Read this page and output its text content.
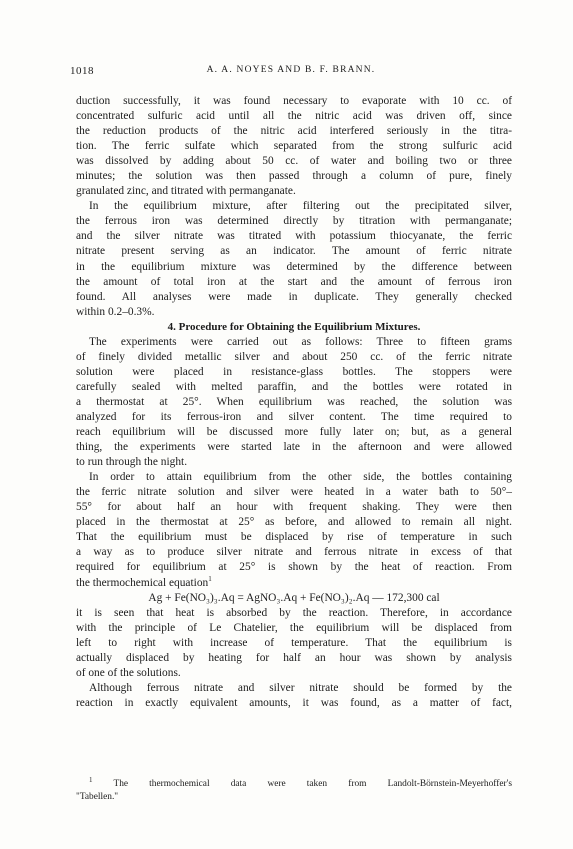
1018	A. A. NOYES AND B. F. BRANN.
duction successfully, it was found necessary to evaporate with 10 cc. of
concentrated sulfuric acid until all the nitric acid was driven off, since
the reduction products of the nitric acid interfered seriously in the titra-
tion. The ferric sulfate which separated from the strong sulfuric acid
was dissolved by adding about 50 cc. of water and boiling two or three
minutes; the solution was then passed through a column of pure, finely
granulated zinc, and titrated with permanganate.
In the equilibrium mixture, after filtering out the precipitated silver,
the ferrous iron was determined directly by titration with permanganate;
and the silver nitrate was titrated with potassium thiocyanate, the ferric
nitrate present serving as an indicator. The amount of ferric nitrate
in the equilibrium mixture was determined by the difference between
the amount of total iron at the start and the amount of ferrous iron
found. All analyses were made in duplicate. They generally checked
within 0.2–0.3%.
4. Procedure for Obtaining the Equilibrium Mixtures.
The experiments were carried out as follows: Three to fifteen grams
of finely divided metallic silver and about 250 cc. of the ferric nitrate
solution were placed in resistance-glass bottles. The stoppers were
carefully sealed with melted paraffin, and the bottles were rotated in
a thermostat at 25°. When equilibrium was reached, the solution was
analyzed for its ferrous-iron and silver content. The time required to
reach equilibrium will be discussed more fully later on; but, as a general
thing, the experiments were started late in the afternoon and were allowed
to run through the night.
In order to attain equilibrium from the other side, the bottles containing
the ferric nitrate solution and silver were heated in a water bath to 50°–
55° for about half an hour with frequent shaking. They were then
placed in the thermostat at 25° as before, and allowed to remain all night.
That the equilibrium must be displaced by rise of temperature in such
a way as to produce silver nitrate and ferrous nitrate in excess of that
required for equilibrium at 25° is shown by the heat of reaction. From
the thermochemical equation$^1$
Ag + Fe(NO₃)₃.Aq = AgNO₃.Aq + Fe(NO₃)₂.Aq — 172,300 cal
it is seen that heat is absorbed by the reaction. Therefore, in accordance
with the principle of Le Chatelier, the equilibrium will be displaced from
left to right with increase of temperature. That the equilibrium is
actually displaced by heating for half an hour was shown by analysis
of one of the solutions.
Although ferrous nitrate and silver nitrate should be formed by the
reaction in exactly equivalent amounts, it was found, as a matter of fact,
$^1$ The thermochemical data were taken from Landolt-Börnstein-Meyerhoffer's
"Tabellen."
